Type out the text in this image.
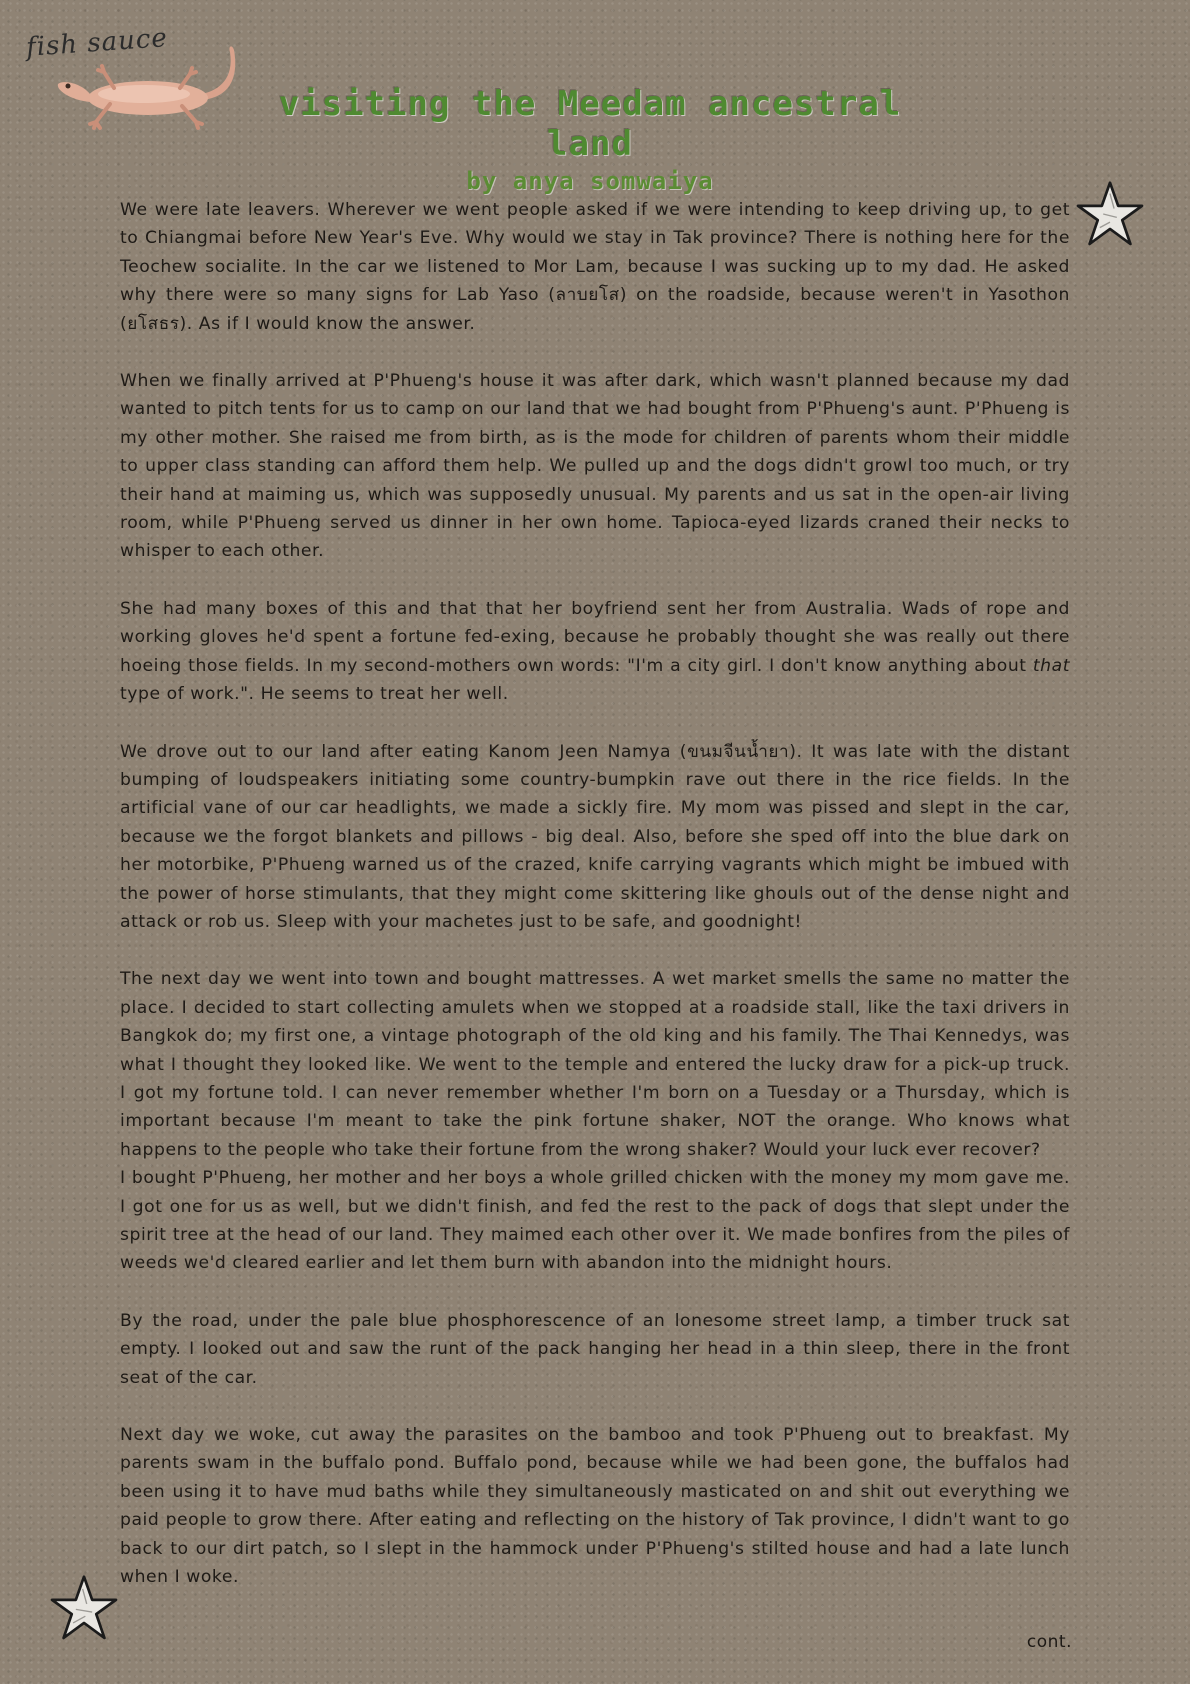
fish sauce
visiting the Meedam ancestral land
by anya somwaiya

We were late leavers. Wherever we went people asked if we were intending to keep driving up, to get to Chiangmai before New Year's Eve. Why would we stay in Tak province? There is nothing here for the Teochew socialite. In the car we listened to Mor Lam, because I was sucking up to my dad. He asked why there were so many signs for Lab Yaso (ลาบยโส) on the roadside, because weren't in Yasothon (ยโสธร). As if I would know the answer.

When we finally arrived at P'Phueng's house it was after dark, which wasn't planned because my dad wanted to pitch tents for us to camp on our land that we had bought from P'Phueng's aunt. P'Phueng is my other mother. She raised me from birth, as is the mode for children of parents whom their middle to upper class standing can afford them help. We pulled up and the dogs didn't growl too much, or try their hand at maiming us, which was supposedly unusual. My parents and us sat in the open-air living room, while P'Phueng served us dinner in her own home. Tapioca-eyed lizards craned their necks to whisper to each other.

She had many boxes of this and that that her boyfriend sent her from Australia. Wads of rope and working gloves he'd spent a fortune fed-exing, because he probably thought she was really out there hoeing those fields. In my second-mothers own words: "I'm a city girl. I don't know anything about that type of work.". He seems to treat her well.

We drove out to our land after eating Kanom Jeen Namya (ขนมจีนน้ำยา). It was late with the distant bumping of loudspeakers initiating some country-bumpkin rave out there in the rice fields. In the artificial vane of our car headlights, we made a sickly fire. My mom was pissed and slept in the car, because we the forgot blankets and pillows - big deal. Also, before she sped off into the blue dark on her motorbike, P'Phueng warned us of the crazed, knife carrying vagrants which might be imbued with the power of horse stimulants, that they might come skittering like ghouls out of the dense night and attack or rob us. Sleep with your machetes just to be safe, and goodnight!

The next day we went into town and bought mattresses. A wet market smells the same no matter the place. I decided to start collecting amulets when we stopped at a roadside stall, like the taxi drivers in Bangkok do; my first one, a vintage photograph of the old king and his family. The Thai Kennedys, was what I thought they looked like. We went to the temple and entered the lucky draw for a pick-up truck. I got my fortune told. I can never remember whether I'm born on a Tuesday or a Thursday, which is important because I'm meant to take the pink fortune shaker, NOT the orange. Who knows what happens to the people who take their fortune from the wrong shaker? Would your luck ever recover?

I bought P'Phueng, her mother and her boys a whole grilled chicken with the money my mom gave me. I got one for us as well, but we didn't finish, and fed the rest to the pack of dogs that slept under the spirit tree at the head of our land. They maimed each other over it. We made bonfires from the piles of weeds we'd cleared earlier and let them burn with abandon into the midnight hours.

By the road, under the pale blue phosphorescence of an lonesome street lamp, a timber truck sat empty. I looked out and saw the runt of the pack hanging her head in a thin sleep, there in the front seat of the car.

Next day we woke, cut away the parasites on the bamboo and took P'Phueng out to breakfast. My parents swam in the buffalo pond. Buffalo pond, because while we had been gone, the buffalos had been using it to have mud baths while they simultaneously masticated on and shit out everything we paid people to grow there. After eating and reflecting on the history of Tak province, I didn't want to go back to our dirt patch, so I slept in the hammock under P'Phueng's stilted house and had a late lunch when I woke.

cont.
